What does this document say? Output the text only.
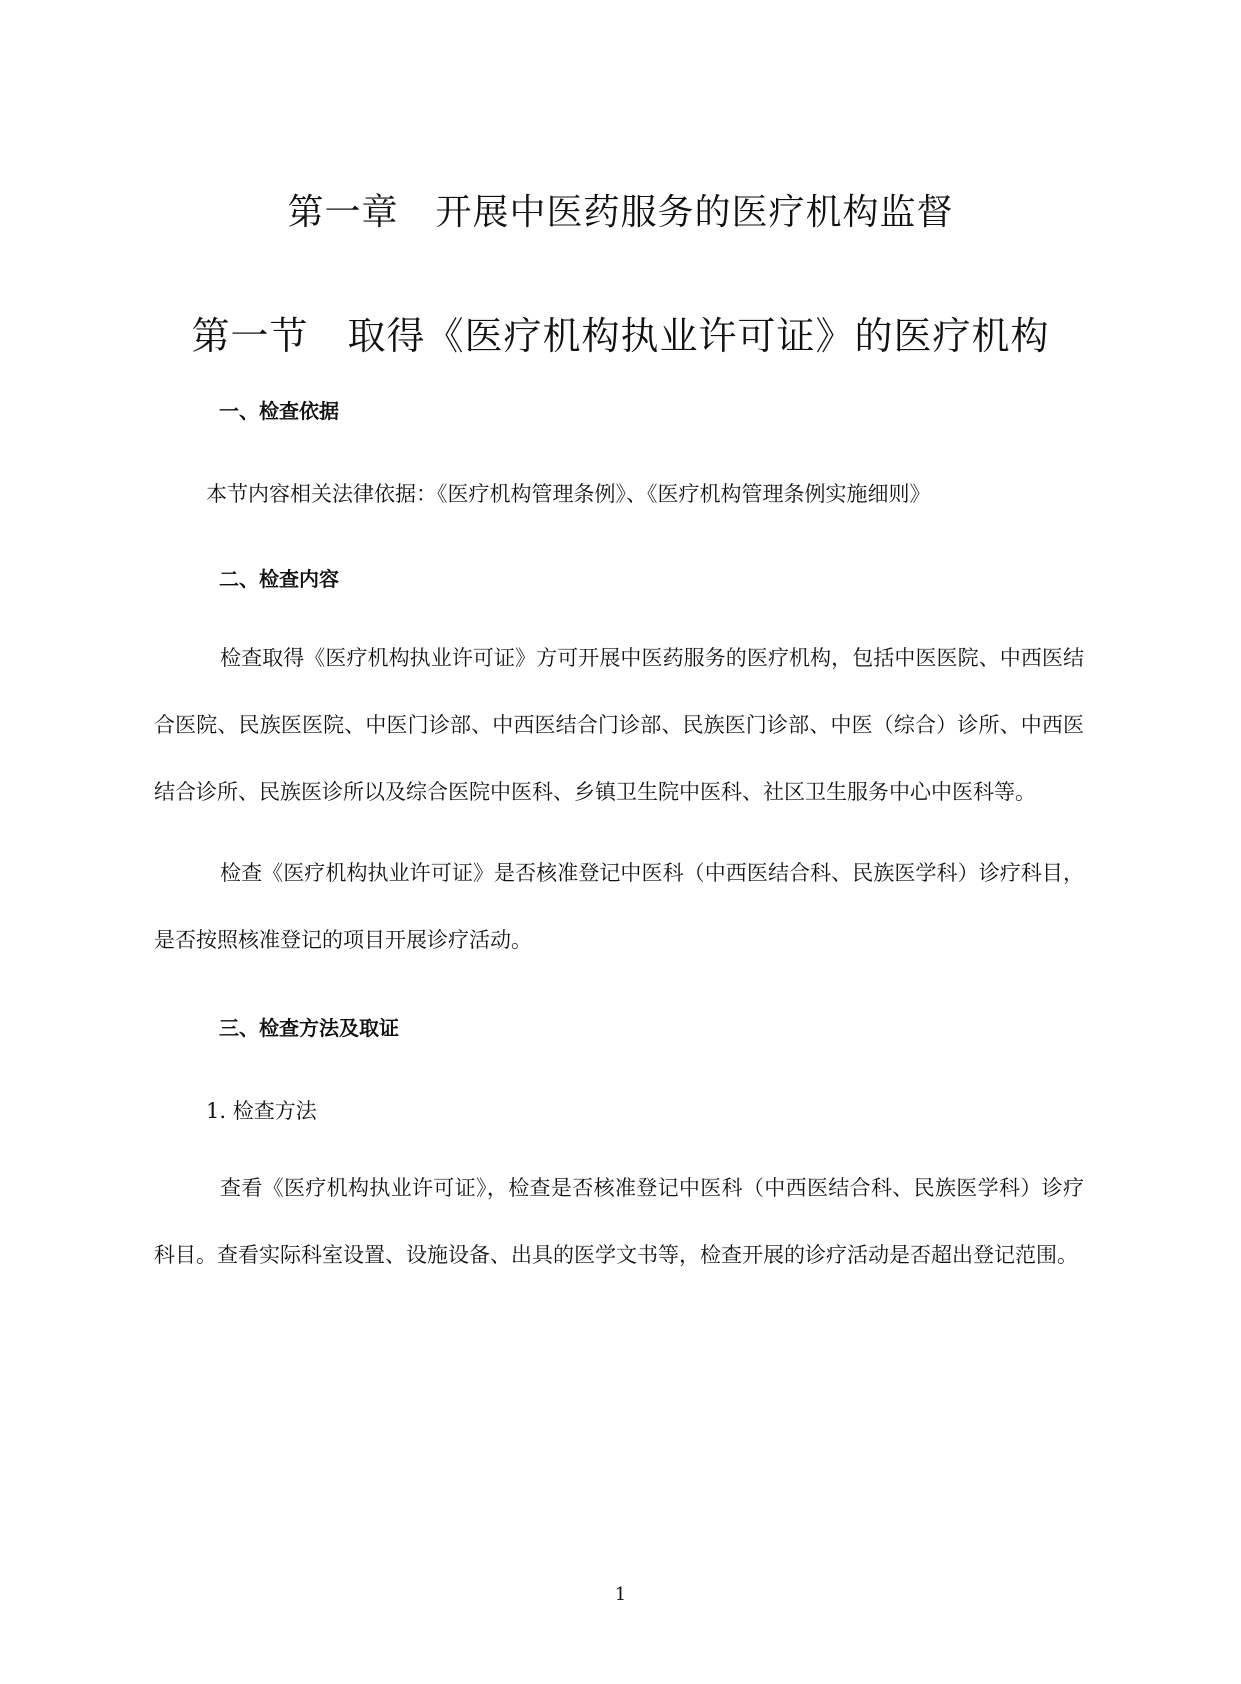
第一章　开展中医药服务的医疗机构监督
第一节　取得《医疗机构执业许可证》的医疗机构
一、检查依据
本节内容相关法律依据：《医疗机构管理条例》、《医疗机构管理条例实施细则》
二、检查内容

检查取得《医疗机构执业许可证》方可开展中医药服务的医疗机构，包括中医医院、中西医结合医院、民族医医院、中医门诊部、中西医结合门诊部、民族医门诊部、中医（综合）诊所、中西医结合诊所、民族医诊所以及综合医院中医科、乡镇卫生院中医科、社区卫生服务中心中医科等。

检查《医疗机构执业许可证》是否核准登记中医科（中西医结合科、民族医学科）诊疗科目，是否按照核准登记的项目开展诊疗活动。

三、检查方法及取证
1. 检查方法

查看《医疗机构执业许可证》，检查是否核准登记中医科（中西医结合科、民族医学科）诊疗科目。查看实际科室设置、设施设备、出具的医学文书等，检查开展的诊疗活动是否超出登记范围。

1
